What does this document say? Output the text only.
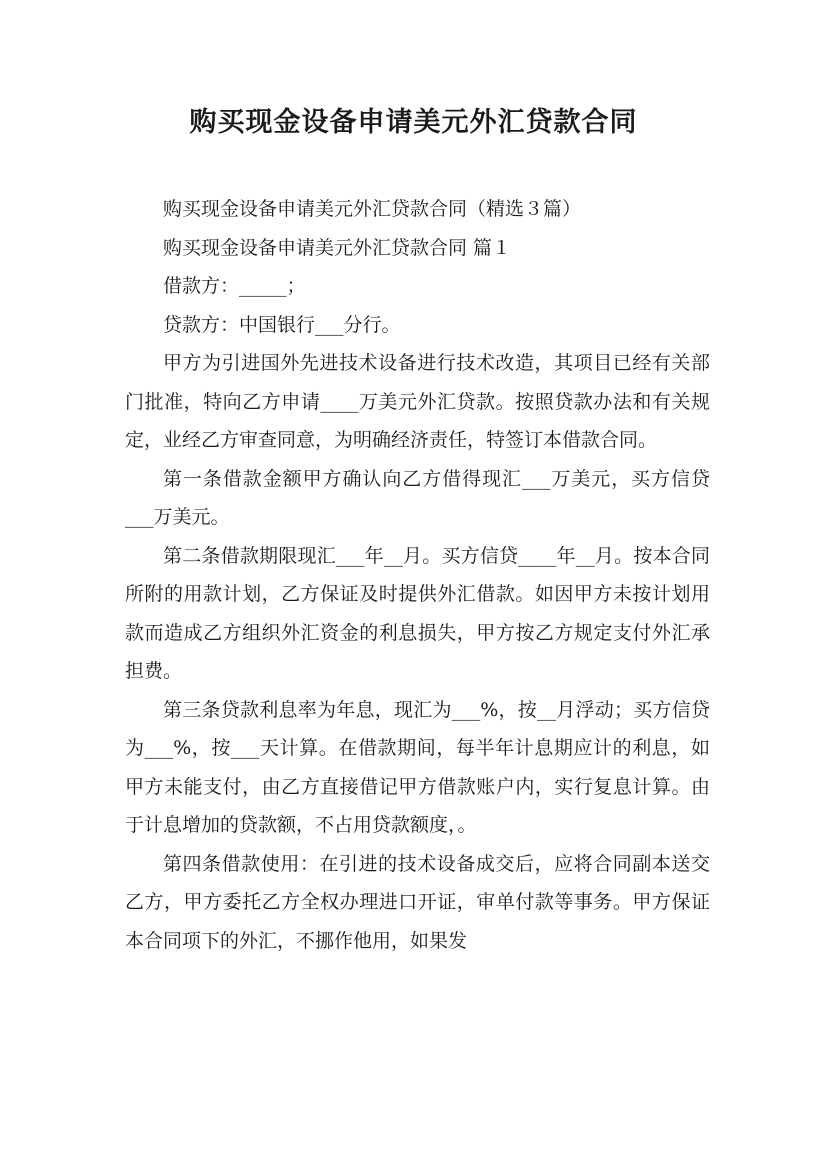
购买现金设备申请美元外汇贷款合同

购买现金设备申请美元外汇贷款合同（精选３篇）

购买现金设备申请美元外汇贷款合同 篇１

借款方：_____；

贷款方：中国银行___分行。

甲方为引进国外先进技术设备进行技术改造，其项目已经有关部门批准，特向乙方申请____万美元外汇贷款。按照贷款办法和有关规定，业经乙方审查同意，为明确经济责任，特签订本借款合同。

第一条借款金额甲方确认向乙方借得现汇___万美元，买方信贷___万美元。

第二条借款期限现汇___年__月。买方信贷____年__月。按本合同所附的用款计划，乙方保证及时提供外汇借款。如因甲方未按计划用款而造成乙方组织外汇资金的利息损失，甲方按乙方规定支付外汇承担费。

第三条贷款利息率为年息，现汇为___%，按__月浮动；买方信贷为___%，按___天计算。在借款期间，每半年计息期应计的利息，如甲方未能支付，由乙方直接借记甲方借款账户内，实行复息计算。由于计息增加的贷款额，不占用贷款额度，。

第四条借款使用：在引进的技术设备成交后，应将合同副本送交乙方，甲方委托乙方全权办理进口开证，审单付款等事务。甲方保证本合同项下的外汇，不挪作他用，如果发
